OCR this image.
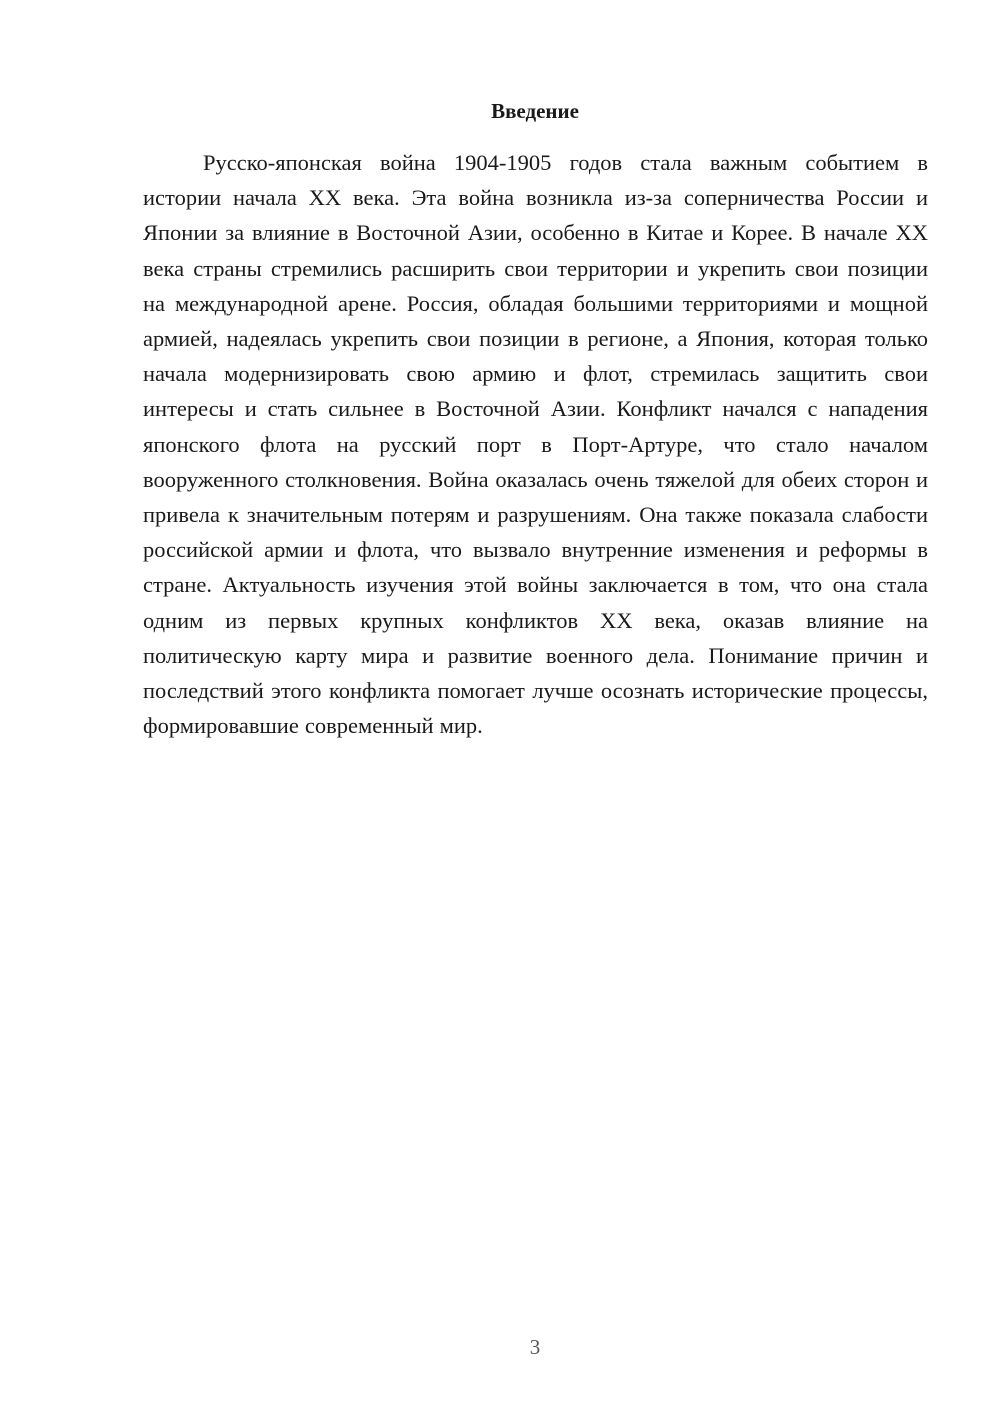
Введение

Русско-японская война 1904-1905 годов стала важным событием в истории начала XX века. Эта война возникла из-за соперничества России и Японии за влияние в Восточной Азии, особенно в Китае и Корее. В начале XX века страны стремились расширить свои территории и укрепить свои позиции на международной арене. Россия, обладая большими территориями и мощной армией, надеялась укрепить свои позиции в регионе, а Япония, которая только начала модернизировать свою армию и флот, стремилась защитить свои интересы и стать сильнее в Восточной Азии. Конфликт начался с нападения японского флота на русский порт в Порт-Артуре, что стало началом вооруженного столкновения. Война оказалась очень тяжелой для обеих сторон и привела к значительным потерям и разрушениям. Она также показала слабости российской армии и флота, что вызвало внутренние изменения и реформы в стране. Актуальность изучения этой войны заключается в том, что она стала одним из первых крупных конфликтов XX века, оказав влияние на политическую карту мира и развитие военного дела. Понимание причин и последствий этого конфликта помогает лучше осознать исторические процессы, формировавшие современный мир.

3
